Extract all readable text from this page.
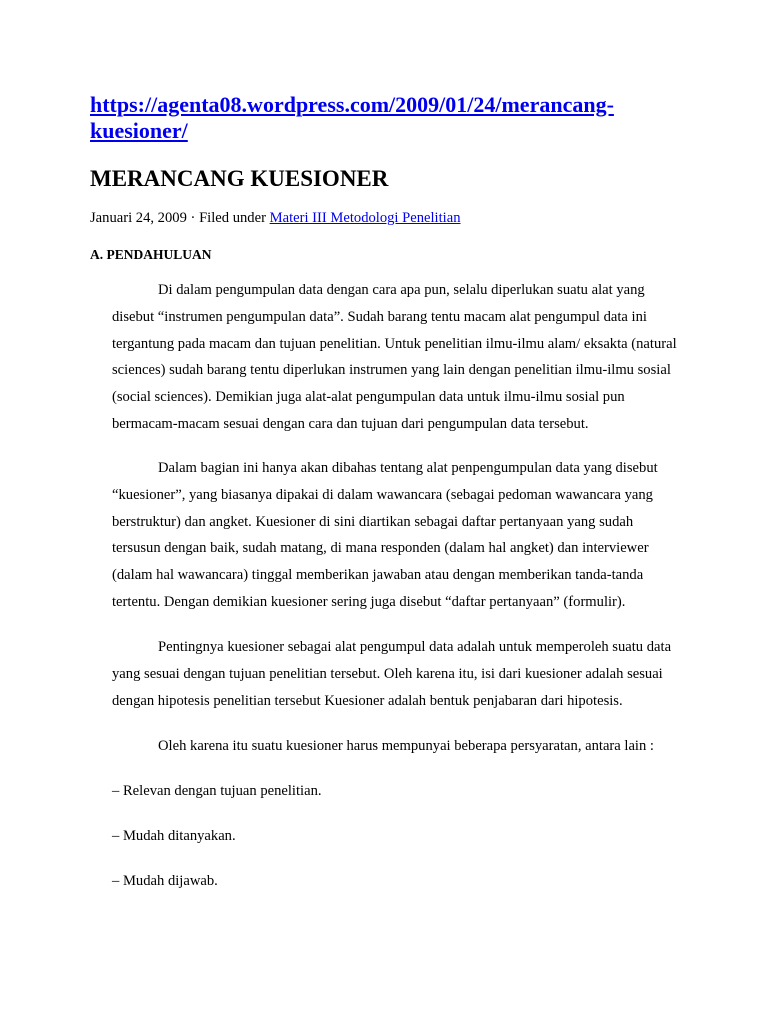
https://agenta08.wordpress.com/2009/01/24/merancang-kuesioner/
MERANCANG KUESIONER
Januari 24, 2009 · Filed under Materi III Metodologi Penelitian
A. PENDAHULUAN

Di dalam pengumpulan data dengan cara apa pun, selalu diperlukan suatu alat yang disebut “instrumen pengumpulan data”. Sudah barang tentu macam alat pengumpul data ini tergantung pada macam dan tujuan penelitian. Untuk penelitian ilmu-ilmu alam/ eksakta (natural sciences) sudah barang tentu diperlukan instrumen yang lain dengan penelitian ilmu-ilmu sosial (social sciences). Demikian juga alat-alat pengumpulan data untuk ilmu-ilmu sosial pun bermacam-macam sesuai dengan cara dan tujuan dari pengumpulan data tersebut.

Dalam bagian ini hanya akan dibahas tentang alat penpengumpulan data yang disebut “kuesioner”, yang biasanya dipakai di dalam wawancara (sebagai pedoman wawancara yang berstruktur) dan angket. Kuesioner di sini diartikan sebagai daftar pertanyaan yang sudah tersusun dengan baik, sudah matang, di mana responden (dalam hal angket) dan interviewer (dalam hal wawancara) tinggal memberikan jawaban atau dengan memberikan tanda-tanda tertentu. Dengan demikian kuesioner sering juga disebut “daftar pertanyaan” (formulir).

Pentingnya kuesioner sebagai alat pengumpul data adalah untuk memperoleh suatu data yang sesuai dengan tujuan penelitian tersebut. Oleh karena itu, isi dari kuesioner adalah sesuai dengan hipotesis penelitian tersebut Kuesioner adalah bentuk penjabaran dari hipotesis.

Oleh karena itu suatu kuesioner harus mempunyai beberapa persyaratan, antara lain :

– Relevan dengan tujuan penelitian.
– Mudah ditanyakan.
– Mudah dijawab.
